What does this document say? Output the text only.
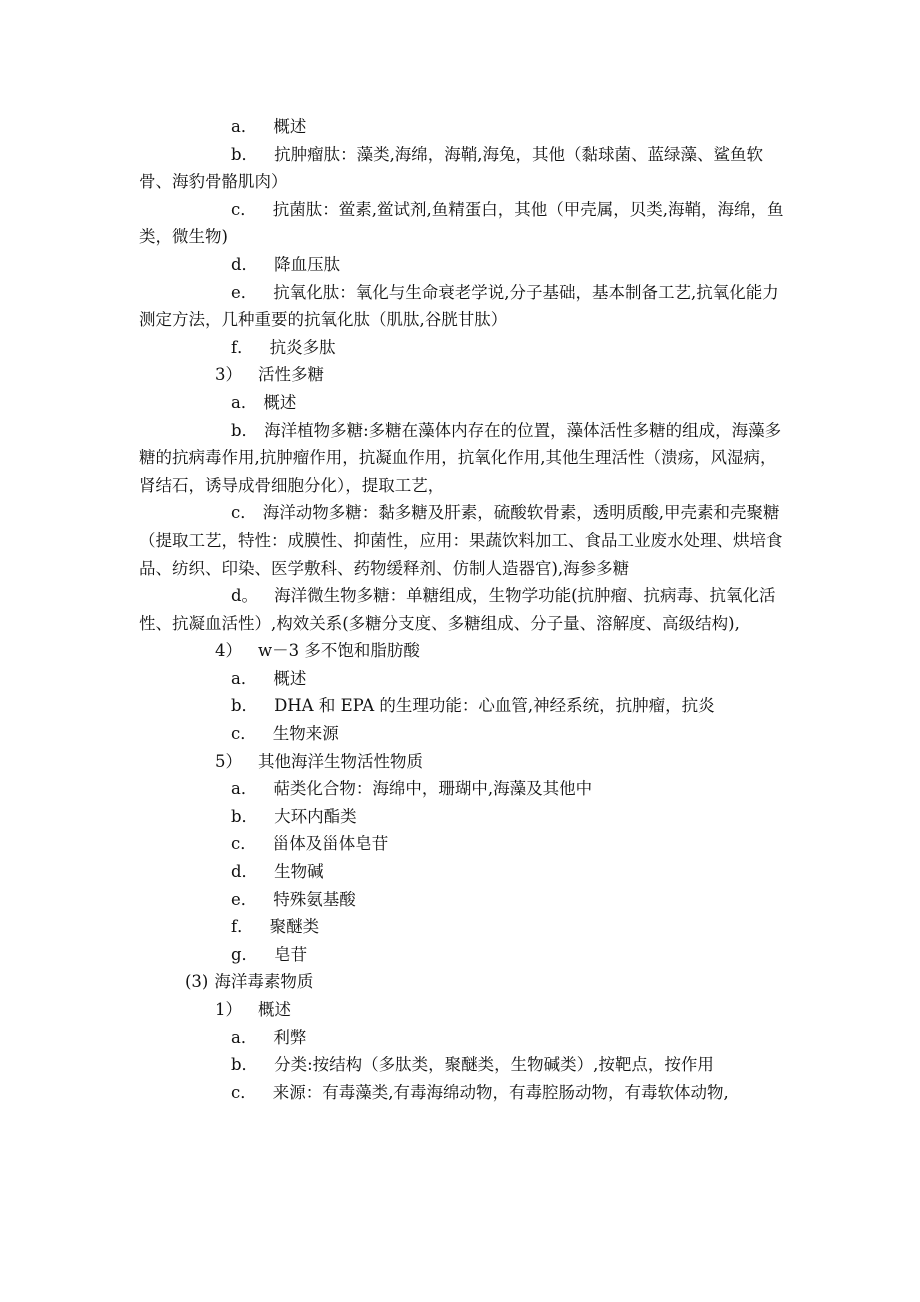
a． 概述
b． 抗肿瘤肽：藻类,海绵，海鞘,海兔，其他（黏球菌、蓝绿藻、鲨鱼软骨、海豹骨骼肌肉）
c． 抗菌肽：鲎素,鲎试剂,鱼精蛋白，其他（甲壳属，贝类,海鞘，海绵，鱼类，微生物)
d． 降血压肽
e． 抗氧化肽：氧化与生命衰老学说,分子基础，基本制备工艺,抗氧化能力测定方法，几种重要的抗氧化肽（肌肽,谷胱甘肽）
f． 抗炎多肽
3） 活性多糖
a． 概述
b． 海洋植物多糖:多糖在藻体内存在的位置，藻体活性多糖的组成，海藻多糖的抗病毒作用,抗肿瘤作用，抗凝血作用，抗氧化作用,其他生理活性（溃疡，风湿病，肾结石，诱导成骨细胞分化），提取工艺，
c． 海洋动物多糖：黏多糖及肝素，硫酸软骨素，透明质酸,甲壳素和壳聚糖（提取工艺，特性：成膜性、抑菌性，应用：果蔬饮料加工、食品工业废水处理、烘培食品、纺织、印染、医学敷科、药物缓释剂、仿制人造器官),海参多糖
d。 海洋微生物多糖：单糖组成，生物学功能(抗肿瘤、抗病毒、抗氧化活性、抗凝血活性）,构效关系(多糖分支度、多糖组成、分子量、溶解度、高级结构),
4） w－3 多不饱和脂肪酸
a． 概述
b． DHA 和 EPA 的生理功能：心血管,神经系统，抗肿瘤，抗炎
c． 生物来源
5） 其他海洋生物活性物质
a． 萜类化合物：海绵中，珊瑚中,海藻及其他中
b． 大环内酯类
c． 甾体及甾体皂苷
d． 生物碱
e． 特殊氨基酸
f． 聚醚类
g． 皂苷
(3) 海洋毒素物质
1） 概述
a． 利弊
b． 分类:按结构（多肽类，聚醚类，生物碱类）,按靶点，按作用
c． 来源：有毒藻类,有毒海绵动物，有毒腔肠动物，有毒软体动物,
